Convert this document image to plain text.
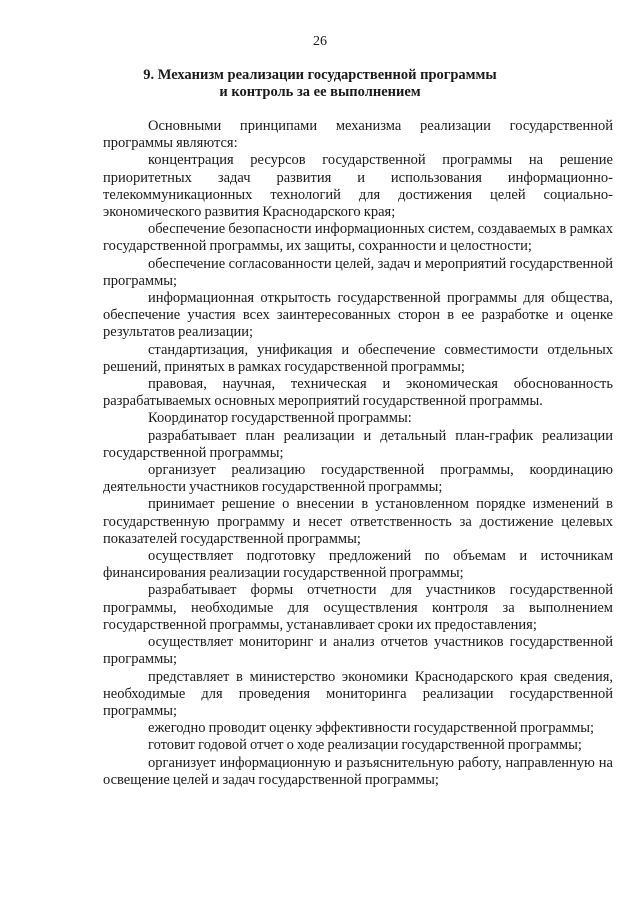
26
9. Механизм реализации государственной программы
и контроль за ее выполнением

Основными принципами механизма реализации государственной программы являются:

концентрация ресурсов государственной программы на решение приоритетных задач развития и использования информационно-телекоммуникационных технологий для достижения целей социально-экономического развития Краснодарского края;

обеспечение безопасности информационных систем, создаваемых в рамках государственной программы, их защиты, сохранности и целостности;

обеспечение согласованности целей, задач и мероприятий государственной программы;

информационная открытость государственной программы для общества, обеспечение участия всех заинтересованных сторон в ее разработке и оценке результатов реализации;

стандартизация, унификация и обеспечение совместимости отдельных решений, принятых в рамках государственной программы;

правовая, научная, техническая и экономическая обоснованность разрабатываемых основных мероприятий государственной программы.

Координатор государственной программы:

разрабатывает план реализации и детальный план-график реализации государственной программы;

организует реализацию государственной программы, координацию деятельности участников государственной программы;

принимает решение о внесении в установленном порядке изменений в государственную программу и несет ответственность за достижение целевых показателей государственной программы;

осуществляет подготовку предложений по объемам и источникам финансирования реализации государственной программы;

разрабатывает формы отчетности для участников государственной программы, необходимые для осуществления контроля за выполнением государственной программы, устанавливает сроки их предоставления;

осуществляет мониторинг и анализ отчетов участников государственной программы;

представляет в министерство экономики Краснодарского края сведения, необходимые для проведения мониторинга реализации государственной программы;

ежегодно проводит оценку эффективности государственной программы;

готовит годовой отчет о ходе реализации государственной программы;

организует информационную и разъяснительную работу, направленную на освещение целей и задач государственной программы;
